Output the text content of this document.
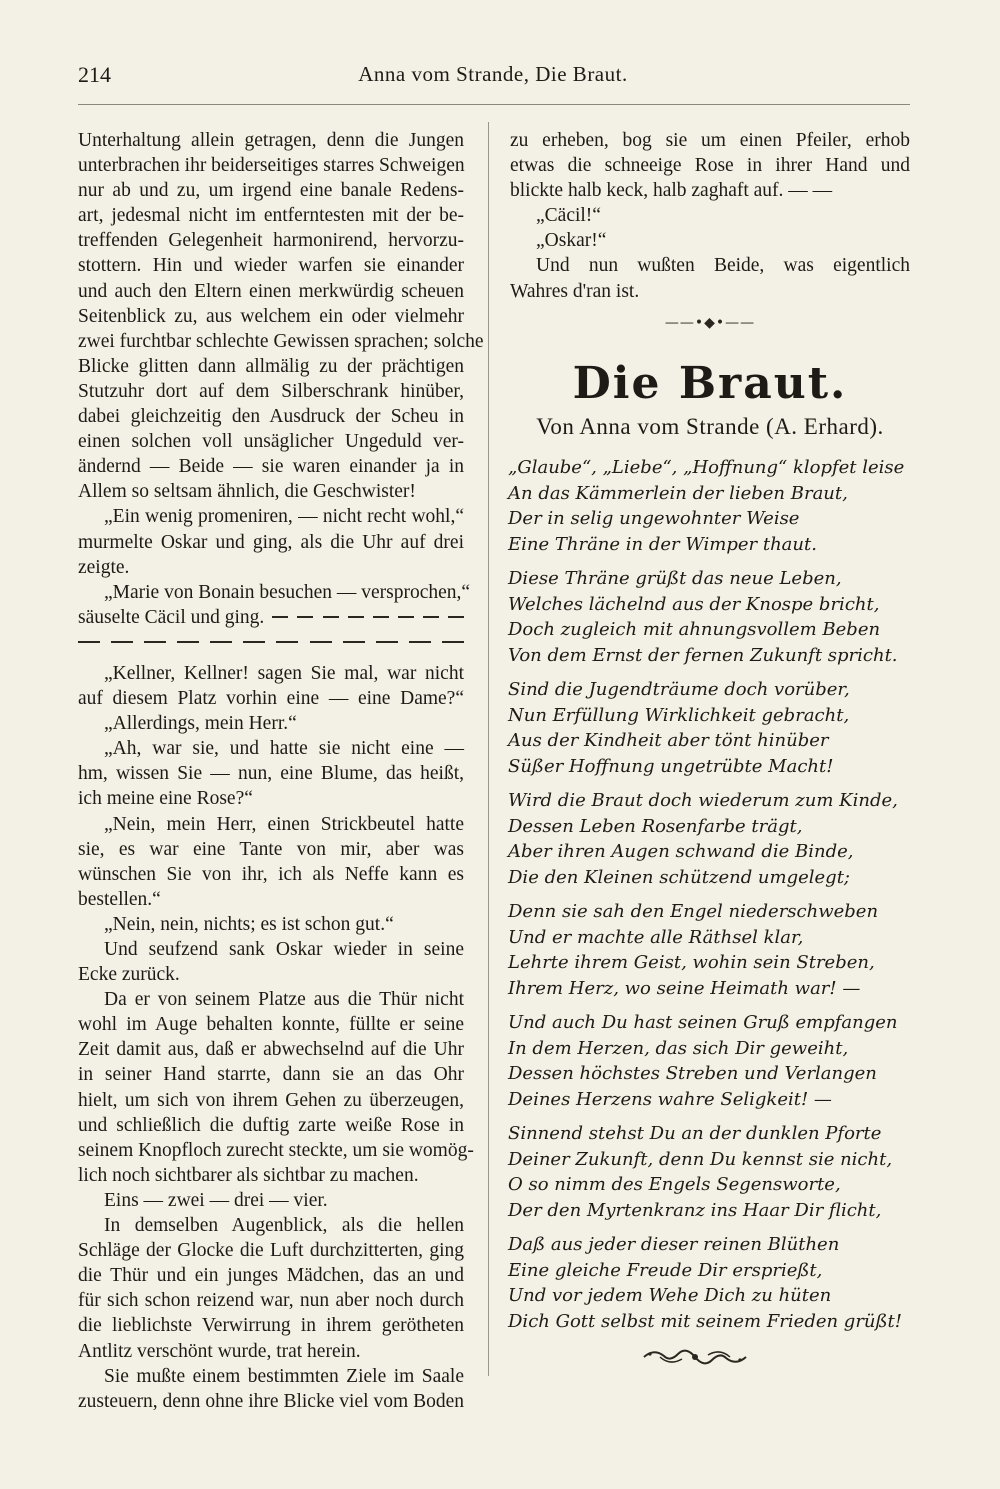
214	Anna vom Strande, Die Braut.
Unterhaltung allein getragen, denn die Jungen
unterbrachen ihr beiderseitiges starres Schweigen
nur ab und zu, um irgend eine banale Redens-
art, jedesmal nicht im entferntesten mit der be-
treffenden Gelegenheit harmonirend, hervorzu-
stottern. Hin und wieder warfen sie einander
und auch den Eltern einen merkwürdig scheuen
Seitenblick zu, aus welchem ein oder vielmehr
zwei furchtbar schlechte Gewissen sprachen; solche
Blicke glitten dann allmälig zu der prächtigen
Stutzuhr dort auf dem Silberschrank hinüber,
dabei gleichzeitig den Ausdruck der Scheu in
einen solchen voll unsäglicher Ungeduld ver-
ändernd — Beide — sie waren einander ja in
Allem so seltsam ähnlich, die Geschwister!
„Ein wenig promeniren, — nicht recht wohl,“
murmelte Oskar und ging, als die Uhr auf drei
zeigte.
„Marie von Bonain besuchen — versprochen,“
säuselte Cäcil und ging.
„Kellner, Kellner! sagen Sie mal, war nicht
auf diesem Platz vorhin eine — eine Dame?“
„Allerdings, mein Herr.“
„Ah, war sie, und hatte sie nicht eine —
hm, wissen Sie — nun, eine Blume, das heißt,
ich meine eine Rose?“
„Nein, mein Herr, einen Strickbeutel hatte
sie, es war eine Tante von mir, aber was
wünschen Sie von ihr, ich als Neffe kann es
bestellen.“
„Nein, nein, nichts; es ist schon gut.“
Und seufzend sank Oskar wieder in seine
Ecke zurück.
Da er von seinem Platze aus die Thür nicht
wohl im Auge behalten konnte, füllte er seine
Zeit damit aus, daß er abwechselnd auf die Uhr
in seiner Hand starrte, dann sie an das Ohr
hielt, um sich von ihrem Gehen zu überzeugen,
und schließlich die duftig zarte weiße Rose in
seinem Knopfloch zurecht steckte, um sie womög-
lich noch sichtbarer als sichtbar zu machen.
Eins — zwei — drei — vier.
In demselben Augenblick, als die hellen
Schläge der Glocke die Luft durchzitterten, ging
die Thür und ein junges Mädchen, das an und
für sich schon reizend war, nun aber noch durch
die lieblichste Verwirrung in ihrem gerötheten
Antlitz verschönt wurde, trat herein.
Sie mußte einem bestimmten Ziele im Saale
zusteuern, denn ohne ihre Blicke viel vom Boden
zu erheben, bog sie um einen Pfeiler, erhob
etwas die schneeige Rose in ihrer Hand und
blickte halb keck, halb zaghaft auf. — —
„Cäcil!“
„Oskar!“
Und nun wußten Beide, was eigentlich
Wahres d'ran ist.
——•◆•——
Die Braut.
Von Anna vom Strande (A. Erhard).
„Glaube“, „Liebe“, „Hoffnung“ klopfet leise
An das Kämmerlein der lieben Braut,
Der in selig ungewohnter Weise
Eine Thräne in der Wimper thaut.
Diese Thräne grüßt das neue Leben,
Welches lächelnd aus der Knospe bricht,
Doch zugleich mit ahnungsvollem Beben
Von dem Ernst der fernen Zukunft spricht.
Sind die Jugendträume doch vorüber,
Nun Erfüllung Wirklichkeit gebracht,
Aus der Kindheit aber tönt hinüber
Süßer Hoffnung ungetrübte Macht!
Wird die Braut doch wiederum zum Kinde,
Dessen Leben Rosenfarbe trägt,
Aber ihren Augen schwand die Binde,
Die den Kleinen schützend umgelegt;
Denn sie sah den Engel niederschweben
Und er machte alle Räthsel klar,
Lehrte ihrem Geist, wohin sein Streben,
Ihrem Herz, wo seine Heimath war! —
Und auch Du hast seinen Gruß empfangen
In dem Herzen, das sich Dir geweiht,
Dessen höchstes Streben und Verlangen
Deines Herzens wahre Seligkeit! —
Sinnend stehst Du an der dunklen Pforte
Deiner Zukunft, denn Du kennst sie nicht,
O so nimm des Engels Segensworte,
Der den Myrtenkranz ins Haar Dir flicht,
Daß aus jeder dieser reinen Blüthen
Eine gleiche Freude Dir ersprießt,
Und vor jedem Wehe Dich zu hüten
Dich Gott selbst mit seinem Frieden grüßt!
